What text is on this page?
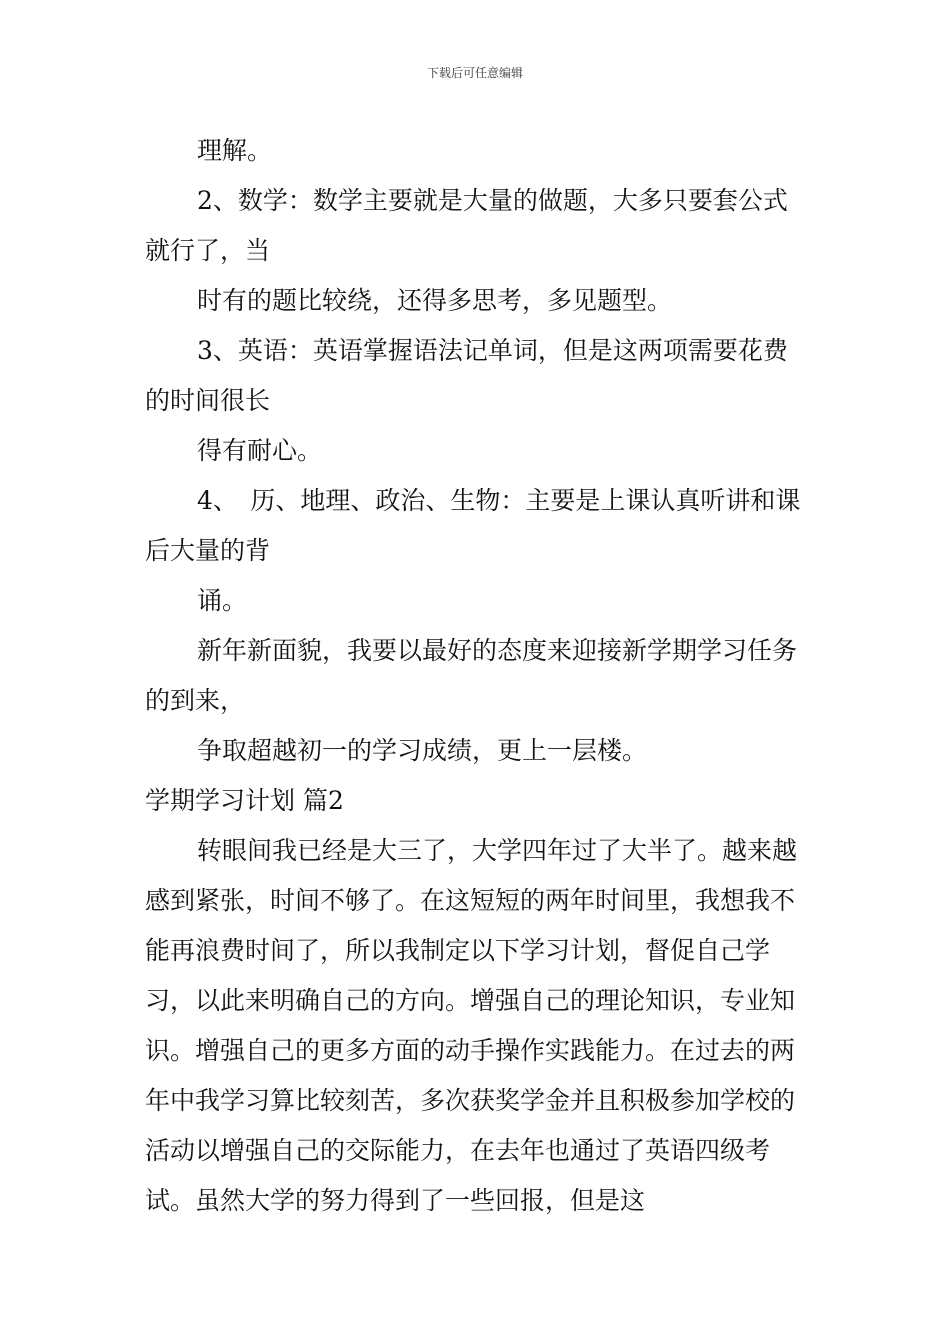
下载后可任意编辑

理解。

2、数学：数学主要就是大量的做题，大多只要套公式就行了，当

时有的题比较绕，还得多思考，多见题型。

3、英语：英语掌握语法记单词，但是这两项需要花费的时间很长

得有耐心。

4、　历、地理、政治、生物：主要是上课认真听讲和课后大量的背

诵。

新年新面貌，我要以最好的态度来迎接新学期学习任务的到来，

争取超越初一的学习成绩，更上一层楼。

学期学习计划 篇2

转眼间我已经是大三了，大学四年过了大半了。越来越感到紧张，时间不够了。在这短短的两年时间里，我想我不能再浪费时间了，所以我制定以下学习计划，督促自己学习，以此来明确自己的方向。增强自己的理论知识，专业知识。增强自己的更多方面的动手操作实践能力。在过去的两年中我学习算比较刻苦，多次获奖学金并且积极参加学校的活动以增强自己的交际能力，在去年也通过了英语四级考试。虽然大学的努力得到了一些回报，但是这
